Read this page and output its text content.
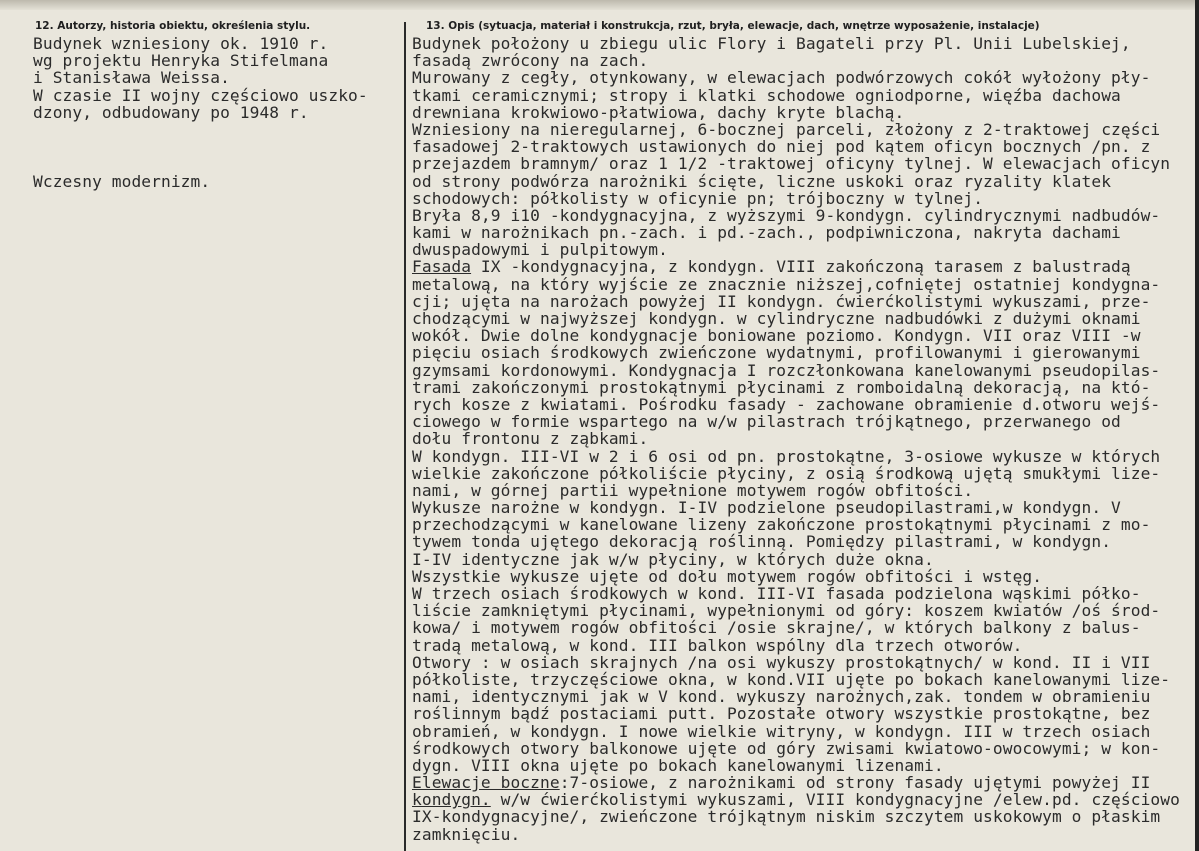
12. Autorzy, historia obiektu, określenia stylu.	13. Opis (sytuacja, materiał i konstrukcja, rzut, bryła, elewacje, dach, wnętrze wyposażenie, instalacje)
Budynek wzniesiony ok. 1910 r.
wg projektu Henryka Stifelmana
i Stanisława Weissa.
W czasie II wojny częściowo uszko-
dzony, odbudowany po 1948 r.
Wczesny modernizm.
Budynek położony u zbiegu ulic Flory i Bagateli przy Pl. Unii Lubelskiej,
fasadą zwrócony na zach.
Murowany z cegły, otynkowany, w elewacjach podwórzowych cokół wyłożony pły-
tkami ceramicznymi; stropy i klatki schodowe ogniodporne, więźba dachowa
drewniana krokwiowo-płatwiowa, dachy kryte blachą.
Wzniesiony na nieregularnej, 6-bocznej parceli, złożony z 2-traktowej części
fasadowej 2-traktowych ustawionych do niej pod kątem oficyn bocznych /pn. z
przejazdem bramnym/ oraz 1 1/2 -traktowej oficyny tylnej. W elewacjach oficyn
od strony podwórza narożniki ścięte, liczne uskoki oraz ryzality klatek
schodowych: półkolisty w oficynie pn; trójboczny w tylnej.
Bryła 8,9 i10 -kondygnacyjna, z wyższymi 9-kondygn. cylindrycznymi nadbudów-
kami w narożnikach pn.-zach. i pd.-zach., podpiwniczona, nakryta dachami
dwuspadowymi i pulpitowym.
Fasada IX -kondygnacyjna, z kondygn. VIII zakończoną tarasem z balustradą
metalową, na który wyjście ze znacznie niższej,cofniętej ostatniej kondygna-
cji; ujęta na narożach powyżej II kondygn. ćwierćkolistymi wykuszami, prze-
chodzącymi w najwyższej kondygn. w cylindryczne nadbudówki z dużymi oknami
wokół. Dwie dolne kondygnacje boniowane poziomo. Kondygn. VII oraz VIII -w
pięciu osiach środkowych zwieńczone wydatnymi, profilowanymi i gierowanymi
gzymsami kordonowymi. Kondygnacja I rozczłonkowana kanelowanymi pseudopilas-
trami zakończonymi prostokątnymi płycinami z romboidalną dekoracją, na któ-
rych kosze z kwiatami. Pośrodku fasady - zachowane obramienie d.otworu wejś-
ciowego w formie wspartego na w/w pilastrach trójkątnego, przerwanego od
dołu frontonu z ząbkami.
W kondygn. III-VI w 2 i 6 osi od pn. prostokątne, 3-osiowe wykusze w których
wielkie zakończone półkoliście płyciny, z osią środkową ujętą smukłymi lize-
nami, w górnej partii wypełnione motywem rogów obfitości.
Wykusze narożne w kondygn. I-IV podzielone pseudopilastrami,w kondygn. V
przechodzącymi w kanelowane lizeny zakończone prostokątnymi płycinami z mo-
tywem tonda ujętego dekoracją roślinną. Pomiędzy pilastrami, w kondygn.
I-IV identyczne jak w/w płyciny, w których duże okna.
Wszystkie wykusze ujęte od dołu motywem rogów obfitości i wstęg.
W trzech osiach środkowych w kond. III-VI fasada podzielona wąskimi półko-
liście zamkniętymi płycinami, wypełnionymi od góry: koszem kwiatów /oś środ-
kowa/ i motywem rogów obfitości /osie skrajne/, w których balkony z balus-
tradą metalową, w kond. III balkon wspólny dla trzech otworów.
Otwory : w osiach skrajnych /na osi wykuszy prostokątnych/ w kond. II i VII
półkoliste, trzyczęściowe okna, w kond.VII ujęte po bokach kanelowanymi lize-
nami, identycznymi jak w V kond. wykuszy narożnych,zak. tondem w obramieniu
roślinnym bądź postaciami putt. Pozostałe otwory wszystkie prostokątne, bez
obramień, w kondygn. I nowe wielkie witryny, w kondygn. III w trzech osiach
środkowych otwory balkonowe ujęte od góry zwisami kwiatowo-owocowymi; w kon-
dygn. VIII okna ujęte po bokach kanelowanymi lizenami.
Elewacje boczne:7-osiowe, z narożnikami od strony fasady ujętymi powyżej II
kondygn. w/w ćwierćkolistymi wykuszami, VIII kondygnacyjne /elew.pd. częściowo
IX-kondygnacyjne/, zwieńczone trójkątnym niskim szczytem uskokowym o płaskim
zamknięciu.
